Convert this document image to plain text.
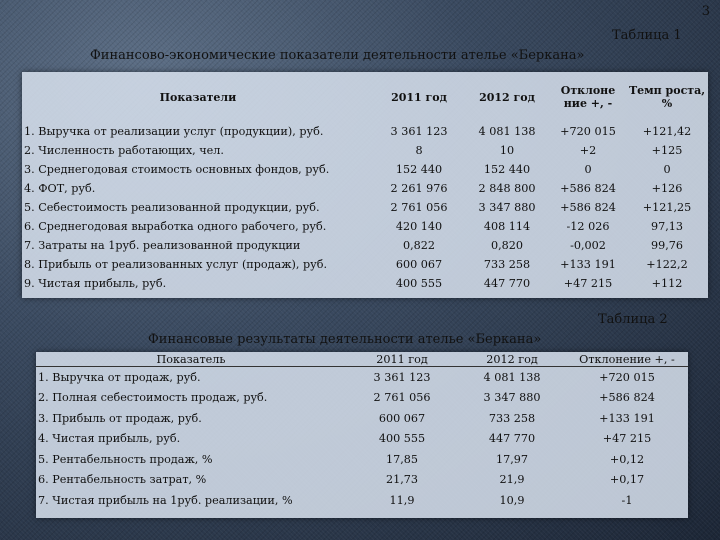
3
Таблица 1
Финансово-экономические показатели деятельности ателье «Беркана»
Показатели	2011 год	2012 год	Отклоне ние +, -	Темп роста, %
1. Выручка от реализации услуг (продукции), руб.	3 361 123	4 081 138	+720 015	+121,42
2. Численность работающих, чел.	8	10	+2	+125
3. Среднегодовая стоимость основных фондов, руб.	152 440	152 440	0	0
4. ФОТ, руб.	2 261 976	2 848 800	+586 824	+126
5. Себестоимость реализованной продукции, руб.	2 761 056	3 347 880	+586 824	+121,25
6. Среднегодовая выработка одного рабочего, руб.	420 140	408 114	-12 026	97,13
7. Затраты на 1руб. реализованной продукции	0,822	0,820	-0,002	99,76
8. Прибыль от реализованных услуг (продаж), руб.	600 067	733 258	+133 191	+122,2
9. Чистая прибыль, руб.	400 555	447 770	+47 215	+112
Таблица 2
Финансовые результаты деятельности ателье «Беркана»
Показатель	2011 год	2012 год	Отклонение +, -
1. Выручка от продаж, руб.	3 361 123	4 081 138	+720 015
2. Полная себестоимость продаж, руб.	2 761 056	3 347 880	+586 824
3. Прибыль от продаж, руб.	600 067	733 258	+133 191
4. Чистая прибыль, руб.	400 555	447 770	+47 215
5. Рентабельность продаж, %	17,85	17,97	+0,12
6. Рентабельность затрат, %	21,73	21,9	+0,17
7. Чистая прибыль на 1руб. реализации, %	11,9	10,9	-1
